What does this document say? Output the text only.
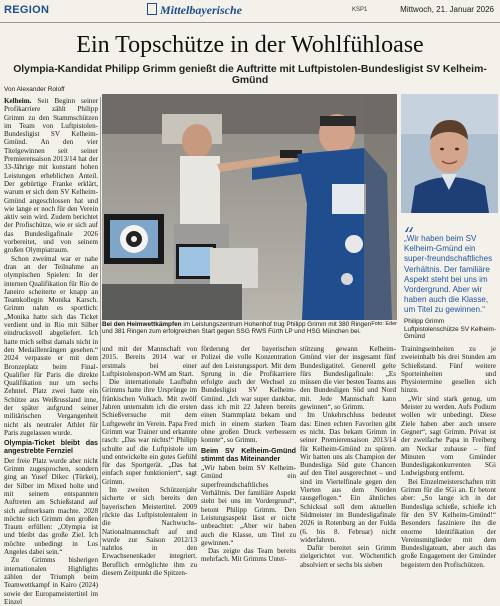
REGION	Mittelbayerische	KSP1	Mittwoch, 21. Januar 2026
Ein Topschütze in der Wohlfühloase
Olympia-Kandidat Philipp Grimm genießt die Auftritte mit Luftpistolen-Bundesligist SV Kelheim-Gmünd
Von Alexander Roloff

Kelheim. Seit Beginn seiner Profikarriere zählt Philipp Grimm zu den Stammschützen im Team von Luftpistolen-Bundesligist SV Kelheim-Gmünd. An den vier Titelgewinnen seit seiner Premierensaison 2013/14 hat der 33-Jährige mit konstant hohen Leistungen erheblichen Anteil. Der gebürtige Franke erklärt, warum er sich dem SV Kelheim-Gmünd angeschlossen hat und wie lange er noch für den Verein aktiv sein wird. Zudem berichtet der Profischütze, wie er sich auf das Bundesligafinale 2026 vorbereitet, und von seinem großen Olympiatraum.

Schon zweimal war er nahe dran an der Teilnahme an olympischen Spielen: In der internen Qualifikation für Rio de Janeiro scheiterte er knapp an Teamkollegin Monika Karsch. Grimm nahm es sportlich: „Monika hatte sich das Ticket verdient und in Rio mit Silber eindrucksvoll abgeliefert. Ich hatte mich selbst damals nicht in den Medaillenrängen gesehen.“ 2024 verpasste er mit dem Bronzeplatz beim Final-Qualifier für Paris die direkte Qualifikation nur um sechs Zehntel. Platz zwei hatte ein Schütze aus Weißrussland inne, der später aufgrund seiner militärischen Vergangenheit nicht als neutraler Athlet für Paris zugelassen wurde.

Olympia-Ticket bleibt das angestrebte Fernziel

Der freie Platz wurde aber nicht Grimm zugesprochen, sondern ging an Yusef Dikec (Türkei), der Silber im Mixed holte und mit seinem entspannten Auftreten am Schießstand auf sich aufmerksam machte. 2028 möchte sich Grimm den großen Traum erfüllen: „Olympia ist und bleibt das große Ziel. Ich möchte unbedingt in Los Angeles dabei sein.“

Zu Grimms bisherigen internationalen Highlights zählen der Triumph beim Teamwettkampf in Kairo (2024) sowie der Europameistertitel im Einzel

Foto: Eder
Bei den Heimwettkämpfen im Leistungszentrum Hohenhof trug Philipp Grimm mit 380 Ringen und 381 Ringen zum erfolgreichen Start gegen SSG RWS Fürth LP und HSG München bei.
„Wir haben beim SV Kelheim-Gmünd ein super-freundschaftliches Verhältnis. Der familiäre Aspekt steht bei uns im Vordergrund. Aber wir haben auch die Klasse, um Titel zu gewinnen.“
Philipp Grimm
Luftpistolenschütze SV Kelheim-Gmünd

und mit der Mannschaft von 2015. Bereits 2014 war er erstmals bei einer Luftpistolensport-WM am Start.

Die internationale Laufbahn Grimms hatte ihre Ursprünge im fränkischen Volkach. Mit zwölf Jahren unternahm ich die ersten Schießversuche mit dem Luftgewehr im Verein. Papa Fred Grimm war Trainer und erkannte rasch: „Das war nichts!“ Philipp schulte auf die Luftpistole um und entwickelte ein gutes Gefühl für das Sportgerät. „Das hat einfach super funktioniert“, sagt Grimm.

Im zweiten Schützenjahr sicherte er sich bereits den bayerischen Meistertitel. 2009 rückte das Luftpistolentalent in die Nachwuchs-Nationalmannschaft auf und wurde zur Saison 2012/13 nahtlos in den Erwachsenenkader integriert. Beruflich ermöglichte ihm zu diesem Zeitpunkt die Spitzen-

förderung der bayerischen Polizei die volle Konzentration auf den Leistungssport. Mit dem Sprung in die Profikarriere erfolgte auch der Wechsel zu Bundesligist SV Kelheim-Gmünd. „Ich war super dankbar, dass ich mit 22 Jahren bereits einen Stammplatz bekam und mich in einem starken Team ohne großen Druck verbessern konnte“, so Grimm.

Beim SV Kelheim-Gmünd stimmt das Miteinander

„Wir haben beim SV Kelheim-Gmünd ein superfreundschaftliches Verhältnis. Der familiäre Aspekt steht bei uns im Vordergrund“, betont Philipp Grimm. Den Leistungsaspekt lässt er nicht unbeachtet: „Aber wir haben auch die Klasse, um Titel zu gewinnen.“

Das zeigte das Team bereits mehrfach. Mit Grimms Unter-

stützung gewann Kelheim-Gmünd vier der insgesamt fünf Bundesligatitel. Generell gelte fürs Bundesligafinale: „Es müssen die vier besten Teams aus den Bundesligen Süd und Nord mit. Jede Mannschaft kann gewinnen“, so Grimm.

Im Unkehrschluss bedeutet das: Einen echten Favoriten gibt es nicht. Das bekam Grimm in seiner Premierensaison 2013/14 für Kelheim-Gmünd zu spüren. Wir hatten uns als Champion der Bundesliga Süd gute Chancen auf den Titel ausgerechnet – und sind im Viertelfinale gegen den Vierten aus dem Norden rausgeflogen.“ Ein ähnliches Schicksal soll dem aktuellen Südmeister im Bundesligafinale 2026 in Rotenburg an der Fulda (6. bis 8. Februar) nicht widerfahren.

Dafür bereitet sein Grimm zielgerichtet vor. Wöchentlich absolviert er sechs bis sieben

Trainingseinheiten zu je zweieinhalb bis drei Stunden am Schießstand. Fünf weitere Sporteinheiten und Physiotermine gesellen sich hinzu.

„Wir sind stark genug, um Meister zu werden. Aufs Podium wollen wir unbedingt. Diese Ziele haben aber auch unsere Gegner“, sagt Grimm. Privat ist der zweifache Papa in Freiberg am Neckar zuhause – fünf Minuten vom Gmünder Bundesligakonkurrenten SGi Ludwigsburg entfernt.

Bei Einzelmeisterschaften tritt Grimm für die SGi an. Er betont aber: „So lange ich in der Bundesliga schieße, schieße ich für den SV Kelheim-Gmünd!“ Besonders faszinierе ihn die enorme Identifikation der Vereinsmitglieder mit dem Bundesligateam, aber auch das große Engagement der Gmünder begeistern den Profischützen.
